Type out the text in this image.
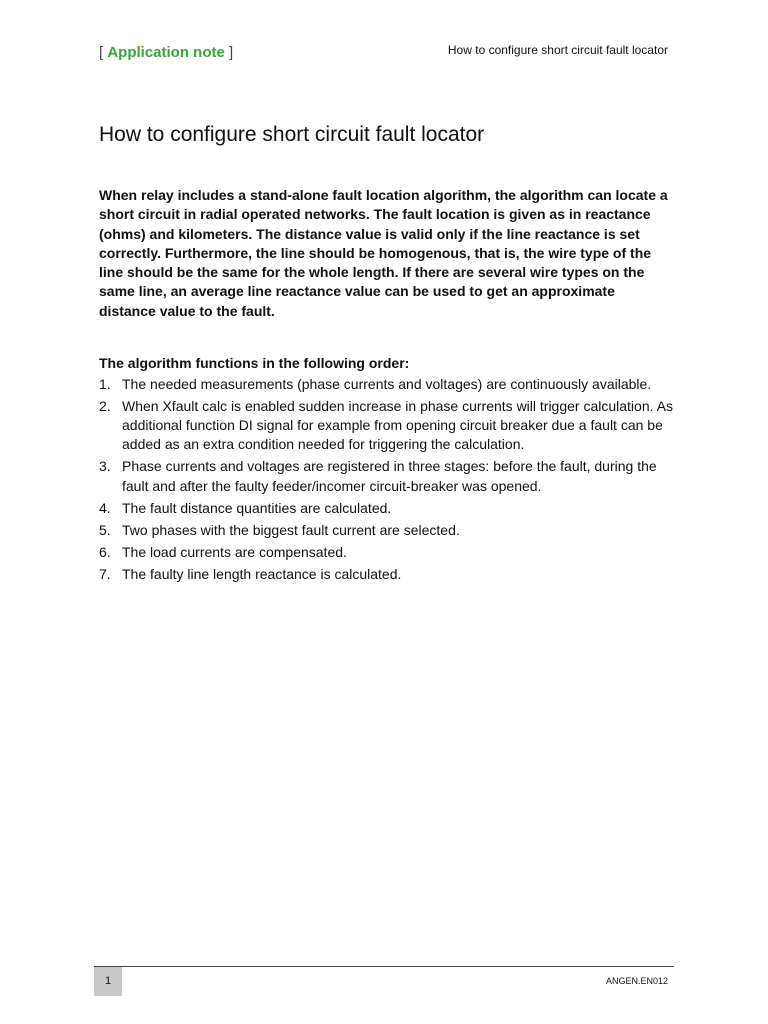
[ Application note ]	How to configure short circuit fault locator
How to configure short circuit fault locator

When relay includes a stand-alone fault location algorithm, the algorithm can locate a short circuit in radial operated networks. The fault location is given as in reactance (ohms) and kilometers. The distance value is valid only if the line reactance is set correctly. Furthermore, the line should be homogenous, that is, the wire type of the line should be the same for the whole length. If there are several wire types on the same line, an average line reactance value can be used to get an approximate distance value to the fault.

The algorithm functions in the following order:

1. The needed measurements (phase currents and voltages) are continuously available.
2. When Xfault calc is enabled sudden increase in phase currents will trigger calculation. As additional function DI signal for example from opening circuit breaker due a fault can be added as an extra condition needed for triggering the calculation.
3. Phase currents and voltages are registered in three stages: before the fault, during the fault and after the faulty feeder/incomer circuit-breaker was opened.
4. The fault distance quantities are calculated.
5. Two phases with the biggest fault current are selected.
6. The load currents are compensated.
7. The faulty line length reactance is calculated.
1	ANGEN.EN012
